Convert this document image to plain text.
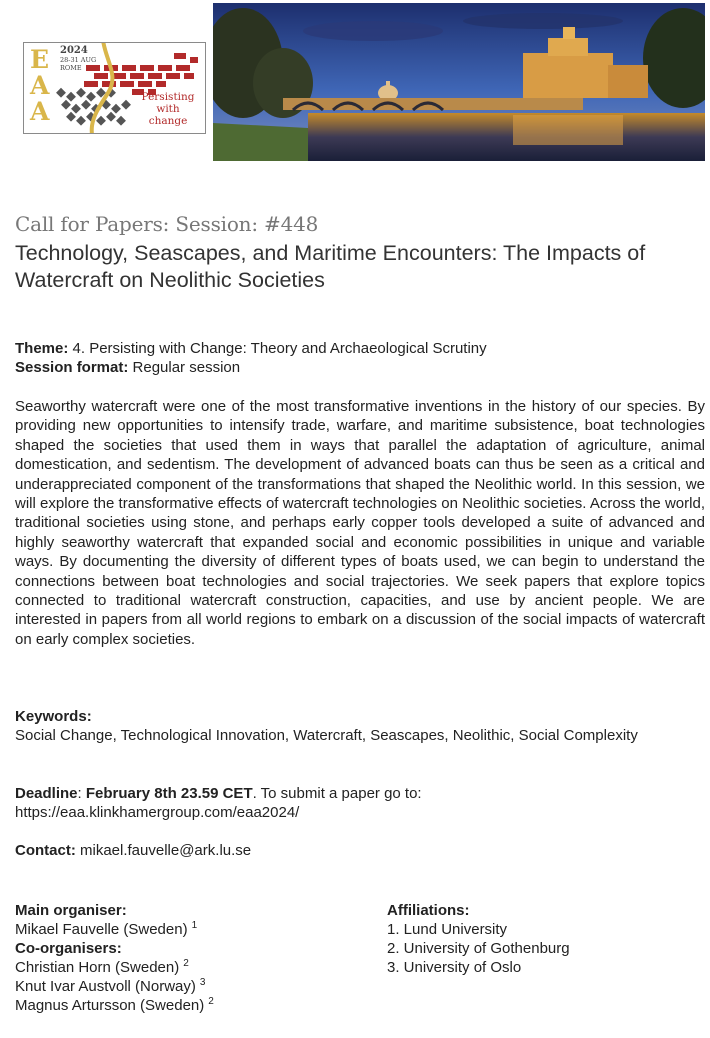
E
A
A
2024
28-31 AUG
ROME
Persisting
with
change
Call for Papers: Session: #448
Technology, Seascapes, and Maritime Encounters: The Impacts of Watercraft on Neolithic Societies
Theme: 4. Persisting with Change: Theory and Archaeological Scrutiny
Session format: Regular session
Seaworthy watercraft were one of the most transformative inventions in the history of our species. By providing new opportunities to intensify trade, warfare, and maritime subsistence, boat technologies shaped the societies that used them in ways that parallel the adaptation of agriculture, animal domestication, and sedentism. The development of advanced boats can thus be seen as a critical and underappreciated component of the transformations that shaped the Neolithic world. In this session, we will explore the transformative effects of watercraft technologies on Neolithic societies. Across the world, traditional societies using stone, and perhaps early copper tools developed a suite of advanced and highly seaworthy watercraft that expanded social and economic possibilities in unique and variable ways. By documenting the diversity of different types of boats used, we can begin to understand the connections between boat technologies and social trajectories. We seek papers that explore topics connected to traditional watercraft construction, capacities, and use by ancient people. We are interested in papers from all world regions to embark on a discussion of the social impacts of watercraft on early complex societies.
Keywords:
Social Change, Technological Innovation, Watercraft, Seascapes, Neolithic, Social Complexity
Deadline: February 8th 23.59 CET. To submit a paper go to:
https://eaa.klinkhamergroup.com/eaa2024/
Contact: mikael.fauvelle@ark.lu.se
Main organiser:
Mikael Fauvelle (Sweden) $^1$
Co-organisers:
Christian Horn (Sweden) $^2$
Knut Ivar Austvoll (Norway) $^3$
Magnus Artursson (Sweden) $^2$
Affiliations:
1. Lund University
2. University of Gothenburg
3. University of Oslo
